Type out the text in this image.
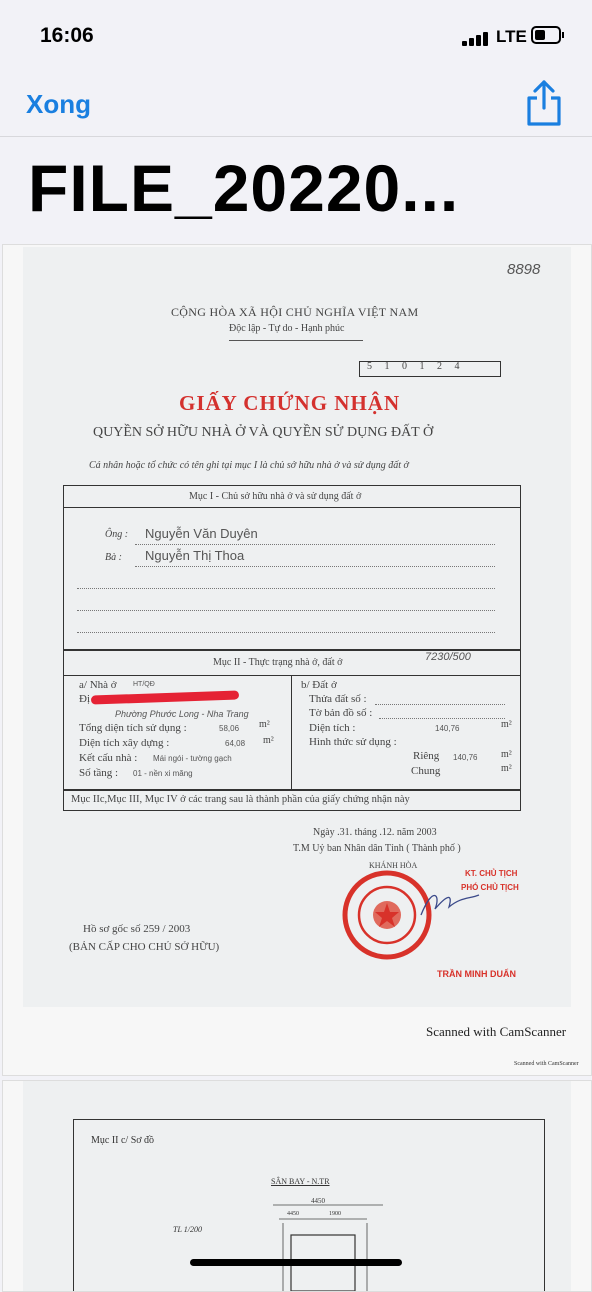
16:06	LTE
Xong
FILE_20220...
8898
CỘNG HÒA XÃ HỘI CHỦ NGHĨA VIỆT NAM
Độc lập - Tự do - Hạnh phúc
5 1 0 1 2 4
GIẤY CHỨNG NHẬN
QUYỀN SỞ HỮU NHÀ Ở VÀ QUYỀN SỬ DỤNG ĐẤT Ở
Cá nhân hoặc tổ chức có tên ghi tại mục I là chủ sở hữu nhà ở và sử dụng đất ở
Mục I - Chủ sở hữu nhà ở và sử dụng đất ở
Ông : Nguyễn Văn Duyên
Bà : Nguyễn Thị Thoa
Mục II - Thực trạng nhà ở, đất ở	7230/500
a/ Nhà ở HT/QĐ
Đị
Phường Phước Long - Nha Trang
Tổng diện tích sử dụng :	58,06 m²
Diện tích xây dựng :	64,08 m²
Kết cấu nhà : Mái ngói - tường gạch
Số tầng : 01 - nền xi măng
b/ Đất ở
Thửa đất số :
Tờ bản đồ số :
Diện tích :	140,76	m²
Hình thức sử dụng :
Riêng 140,76 m²
Chung	m²
Mục IIc,Mục III, Mục IV ở các trang sau là thành phần của giấy chứng nhận này
Ngày .31. tháng .12. năm 2003
T.M Uỷ ban Nhân dân Tỉnh ( Thành phố )
KHÁNH HÒA
KT. CHỦ TỊCH
PHÓ CHỦ TỊCH
TRẦN MINH DUẨN
Hồ sơ gốc số 259 / 2003
(BẢN CẤP CHO CHỦ SỞ HỮU)
Scanned with CamScanner
Scanned with CamScanner
Mục II c/ Sơ đồ
SÂN BAY - N.TR
4450
4450	1900
TL 1/200
